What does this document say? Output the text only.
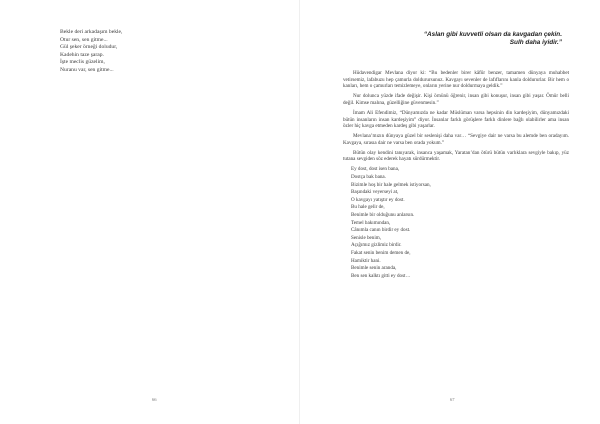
Bekle deri arkadaşım bekle,
Otur sen, sen gitme...
Gül şeker örneği doludur,
Kadehin taze şarap.
İşte meclis güzelim,
Nuranu var, sen gitme...
66
“Aslan gibi kuvvetli olsan da kavgadan çekin.
Sulh daha iyidir.”

Hüdavendigar Mevlana diyor ki: “Bu bedenler birer kâfûr benzer, tamamen dünyaya muhabbet vetirsemiz, lafabuzu hep çamurla doldurursunuz. Kavgayı sevenler de lafıflarını kanla doldururlar. Bir hem o kanları, hem o çamurları temizlemeye, onların yerine nur doldurmaya geldik.”

Nur dolunca yüzde ifade değişir. Kişi örnünü öğrenir, insan gibi konuşur, insan gibi yaşar. Ömür belli değil. Kimse malına, güzelliğine güvenmesin.”

İmam Ali Efendimiz, “Dünyamızda ne kadar Müslüman varsa hepsinin din kardeşiyim, dünyamızdaki bütün insanların insan kardeşiyim” diyor. İnsanlar farklı görüşlere farklı dinlere bağlı olabilirler ama insan özler hiç kavga etmeden kardeş gibi yaşarlar.

Mevlana’mızın dünyaya güzel bir seslenişi daha var… “Sevgiye dair ne varsa bu alemde ben oradayım. Kavgaya, sırasıa dair ne varsa ben orada yokum.”

Bütün olay kendini tanıyarak, insanca yaşamak, Yaratan’dan ötürü bütün varlıklara sevgiyle bakıp, yüz tutana sevgiden söz ederek hayatı sürdürmektir.

Ey dost, dost isen bana,
Dostça bak bana.
Bizimle hoş bir hale gelmek istiyorsan,
Başındaki veyerseyi at,
O kavgayı yatıştır ey dost.
Bu hale gelir de,
Benimle bir olduğunu anlarsın.
Temel bakımından,
Cânımla canın birdir ey dost.
Senisle benim,
Açığımız gizlimiz birdir.
Fakat senin benim demen de,
Hamiktir hani.
Benimle senin aranda,
Ben sen kalktı gitti ey dost…
67
